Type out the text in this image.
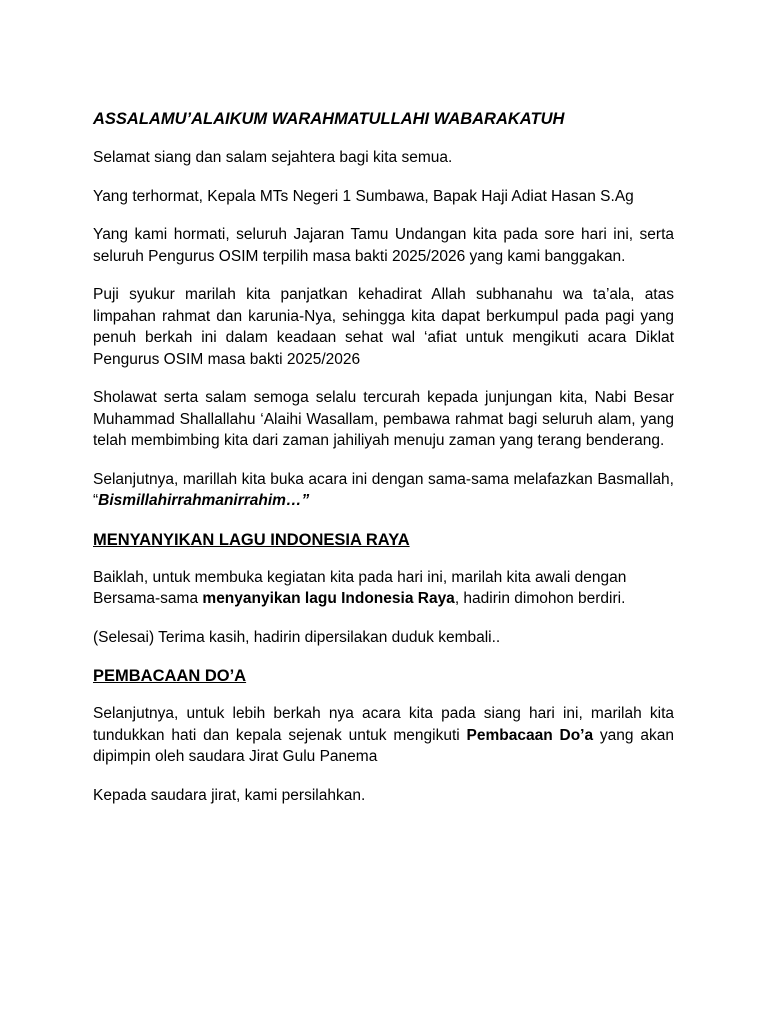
ASSALAMU’ALAIKUM WARAHMATULLAHI WABARAKATUH

Selamat siang dan salam sejahtera bagi kita semua.

Yang terhormat, Kepala MTs Negeri 1 Sumbawa, Bapak Haji Adiat Hasan S.Ag

Yang kami hormati, seluruh Jajaran Tamu Undangan kita pada sore hari ini, serta seluruh Pengurus OSIM terpilih masa bakti 2025/2026 yang kami banggakan.

Puji syukur marilah kita panjatkan kehadirat Allah subhanahu wa ta’ala, atas limpahan rahmat dan karunia-Nya, sehingga kita dapat berkumpul pada pagi yang penuh berkah ini dalam keadaan sehat wal ‘afiat untuk mengikuti acara Diklat Pengurus OSIM masa bakti 2025/2026

Sholawat serta salam semoga selalu tercurah kepada junjungan kita, Nabi Besar Muhammad Shallallahu ‘Alaihi Wasallam, pembawa rahmat bagi seluruh alam, yang telah membimbing kita dari zaman jahiliyah menuju zaman yang terang benderang.

Selanjutnya, marillah kita buka acara ini dengan sama-sama melafazkan Basmallah, “Bismillahirrahmanirrahim…”

MENYANYIKAN LAGU INDONESIA RAYA

Baiklah, untuk membuka kegiatan kita pada hari ini, marilah kita awali dengan Bersama-sama menyanyikan lagu Indonesia Raya, hadirin dimohon berdiri.

(Selesai) Terima kasih, hadirin dipersilakan duduk kembali..

PEMBACAAN DO’A

Selanjutnya, untuk lebih berkah nya acara kita pada siang hari ini, marilah kita tundukkan hati dan kepala sejenak untuk mengikuti Pembacaan Do’a yang akan dipimpin oleh saudara Jirat Gulu Panema

Kepada saudara jirat, kami persilahkan.
